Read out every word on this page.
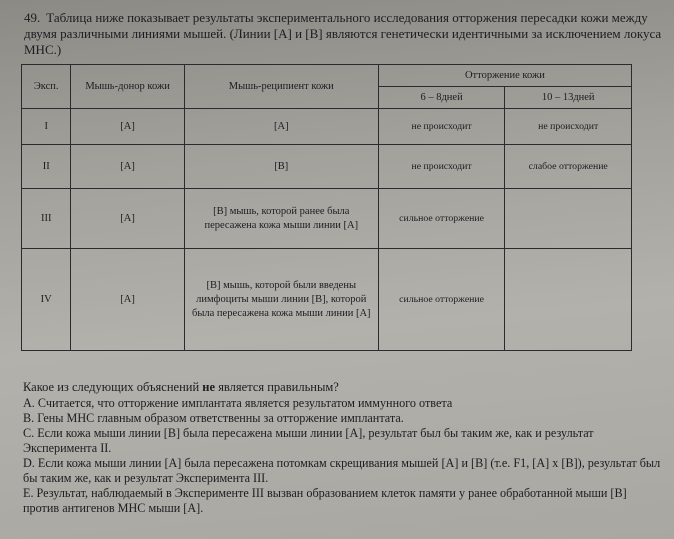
49. Таблица ниже показывает результаты экспериментального исследования отторжения пересадки кожи между двумя различными линиями мышей. (Линии [A] и [B] являются генетически идентичными за исключением локуса MHC.)
Эксп.	Мышь-донор кожи	Мышь-реципиент кожи	Отторжение кожи	
			6 – 8дней	10 – 13дней
I	[A]	[A]	не происходит	не происходит
II	[A]	[B]	не происходит	слабое отторжение
III	[A]	[B] мышь, которой ранее была пересажена кожа мыши линии [A]	сильное отторжение	
IV	[A]	[B] мышь, которой были введены лимфоциты мыши линии [B], которой была пересажена кожа мыши линии [A]	сильное отторжение	
Какое из следующих объяснений не является правильным?
A. Считается, что отторжение имплантата является результатом иммунного ответа
B. Гены MHC главным образом ответственны за отторжение имплантата.
C. Если кожа мыши линии [B] была пересажена мыши линии [A], результат был бы таким же, как и результат Эксперимента II.
D. Если кожа мыши линии [A] была пересажена потомкам скрещивания мышей [A] и [B] (т.е. F1, [A] x [B]), результат был бы таким же, как и результат Эксперимента III.
E. Результат, наблюдаемый в Эксперименте III вызван образованием клеток памяти у ранее обработанной мыши [B] против антигенов MHC мыши [A].
